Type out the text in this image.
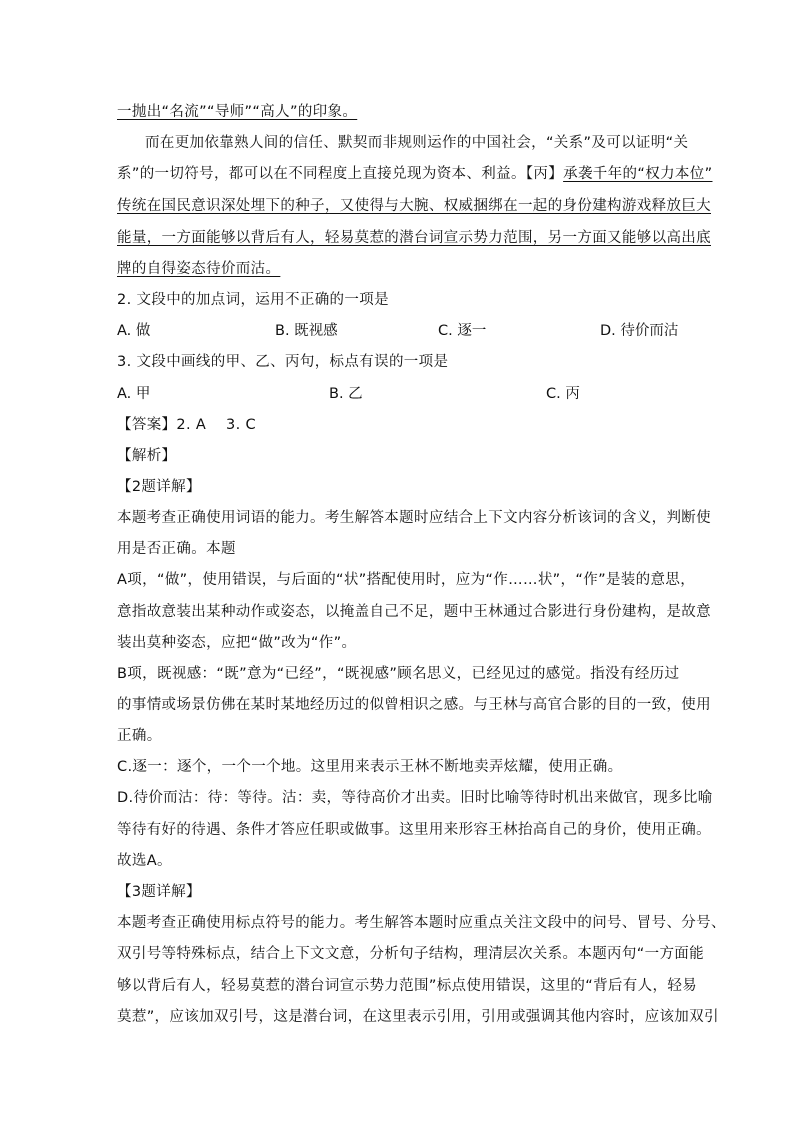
一抛出“名流”“导师”“高人”的印象。
而在更加依靠熟人间的信任、默契而非规则运作的中国社会，“关系”及可以证明“关
系”的一切符号，都可以在不同程度上直接兑现为资本、利益。【丙】承袭千年的“权力本位”
传统在国民意识深处埋下的种子，又使得与大腕、权威捆绑在一起的身份建构游戏释放巨大
能量，一方面能够以背后有人，轻易莫惹的潜台词宣示势力范围，另一方面又能够以高出底
牌的自得姿态待价而沽。
2. 文段中的加点词，运用不正确的一项是
A. 做	B. 既视感	C. 逐一	D. 待价而沽
3. 文段中画线的甲、乙、丙句，标点有误的一项是
A. 甲	B. 乙	C. 丙
【答案】2. A    3. C
【解析】
【2题详解】
本题考查正确使用词语的能力。考生解答本题时应结合上下文内容分析该词的含义，判断使
用是否正确。本题
A项，“做”，使用错误，与后面的“状”搭配使用时，应为“作……状”，“作”是装的意思，
意指故意装出某种动作或姿态，以掩盖自己不足，题中王林通过合影进行身份建构，是故意
装出莫种姿态，应把“做”改为“作”。
B项，既视感：“既”意为“已经”，“既视感”顾名思义，已经见过的感觉。指没有经历过
的事情或场景仿佛在某时某地经历过的似曾相识之感。与王林与高官合影的目的一致，使用
正确。
C.逐一：逐个，一个一个地。这里用来表示王林不断地卖弄炫耀，使用正确。
D.待价而沽：待：等待。沽：卖，等待高价才出卖。旧时比喻等待时机出来做官，现多比喻
等待有好的待遇、条件才答应任职或做事。这里用来形容王林抬高自己的身价，使用正确。
故选A。
【3题详解】
本题考查正确使用标点符号的能力。考生解答本题时应重点关注文段中的问号、冒号、分号、
双引号等特殊标点，结合上下文文意，分析句子结构，理清层次关系。本题丙句“一方面能
够以背后有人，轻易莫惹的潜台词宣示势力范围”标点使用错误，这里的“背后有人，轻易
莫惹”，应该加双引号，这是潜台词，在这里表示引用，引用或强调其他内容时，应该加双引
